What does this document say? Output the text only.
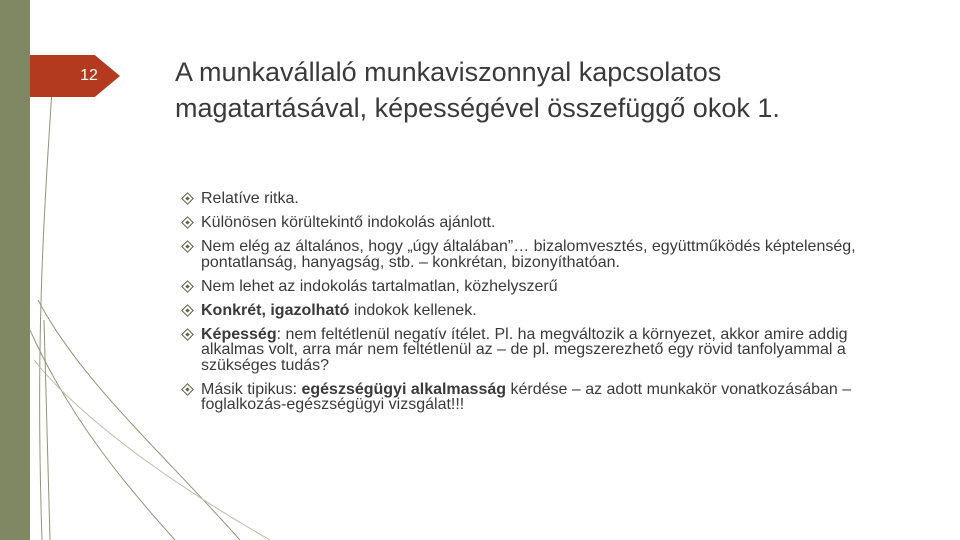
12	A munkavállaló munkaviszonnyal kapcsolatos magatartásával, képességével összefüggő okok 1.
Relatíve ritka.
Különösen körültekintő indokolás ajánlott.
Nem elég az általános, hogy „úgy általában”… bizalomvesztés, együttműködés képtelenség, pontatlanság, hanyagság, stb. – konkrétan, bizonyíthatóan.
Nem lehet az indokolás tartalmatlan, közhelyszerű
Konkrét, igazolható indokok kellenek.
Képesség: nem feltétlenül negatív ítélet. Pl. ha megváltozik a környezet, akkor amire addig alkalmas volt, arra már nem feltétlenül az – de pl. megszerezhető egy rövid tanfolyammal a szükséges tudás?
Másik tipikus: egészségügyi alkalmasság kérdése – az adott munkakör vonatkozásában – foglalkozás-egészségügyi vizsgálat!!!
